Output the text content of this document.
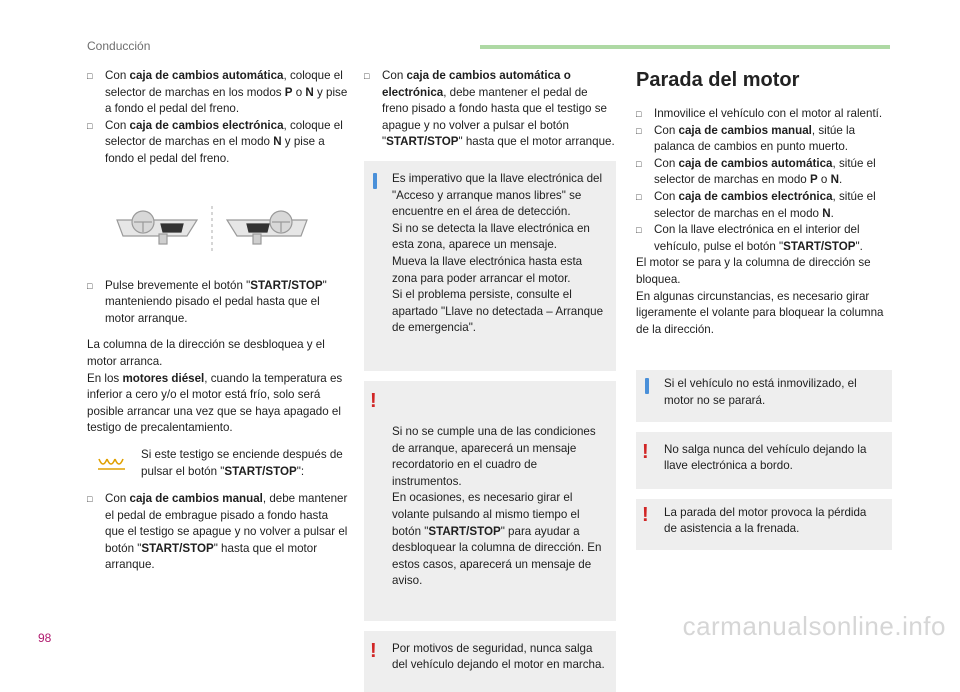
Conducción

□ Con caja de cambios automática, coloque el selector de marchas en los modos P o N y pise a fondo el pedal del freno.

□ Con caja de cambios electrónica, coloque el selector de marchas en el modo N y pise a fondo el pedal del freno.

□ Pulse brevemente el botón "START/STOP" manteniendo pisado el pedal hasta que el motor arranque.

La columna de la dirección se desbloquea y el motor arranca.

En los motores diésel, cuando la temperatura es inferior a cero y/o el motor está frío, solo será posible arrancar una vez que se haya apagado el testigo de precalentamiento.

Si este testigo se enciende después de pulsar el botón "START/STOP":

□ Con caja de cambios manual, debe mantener el pedal de embrague pisado a fondo hasta que el testigo se apague y no volver a pulsar el botón "START/STOP" hasta que el motor arranque.

□ Con caja de cambios automática o electrónica, debe mantener el pedal de freno pisado a fondo hasta que el testigo se apague y no volver a pulsar el botón "START/STOP" hasta que el motor arranque.

Es imperativo que la llave electrónica del "Acceso y arranque manos libres" se encuentre en el área de detección.

Si no se detecta la llave electrónica en esta zona, aparece un mensaje.

Mueva la llave electrónica hasta esta zona para poder arrancar el motor.

Si el problema persiste, consulte el apartado "Llave no detectada – Arranque de emergencia".

!

Si no se cumple una de las condiciones de arranque, aparecerá un mensaje recordatorio en el cuadro de instrumentos.
En ocasiones, es necesario girar el volante pulsando al mismo tiempo el botón "START/STOP" para ayudar a desbloquear la columna de dirección. En estos casos, aparecerá un mensaje de aviso.

! Por motivos de seguridad, nunca salga del vehículo dejando el motor en marcha.

Parada del motor

□ Inmovilice el vehículo con el motor al ralentí.

□ Con caja de cambios manual, sitúe la palanca de cambios en punto muerto.

□ Con caja de cambios automática, sitúe el selector de marchas en modo P o N.

□ Con caja de cambios electrónica, sitúe el selector de marchas en el modo N.

□ Con la llave electrónica en el interior del vehículo, pulse el botón "START/STOP".

El motor se para y la columna de dirección se bloquea.
En algunas circunstancias, es necesario girar ligeramente el volante para bloquear la columna de la dirección.

Si el vehículo no está inmovilizado, el motor no se parará.

! No salga nunca del vehículo dejando la llave electrónica a bordo.

! La parada del motor provoca la pérdida de asistencia a la frenada.

98	carmanualsonline.info
